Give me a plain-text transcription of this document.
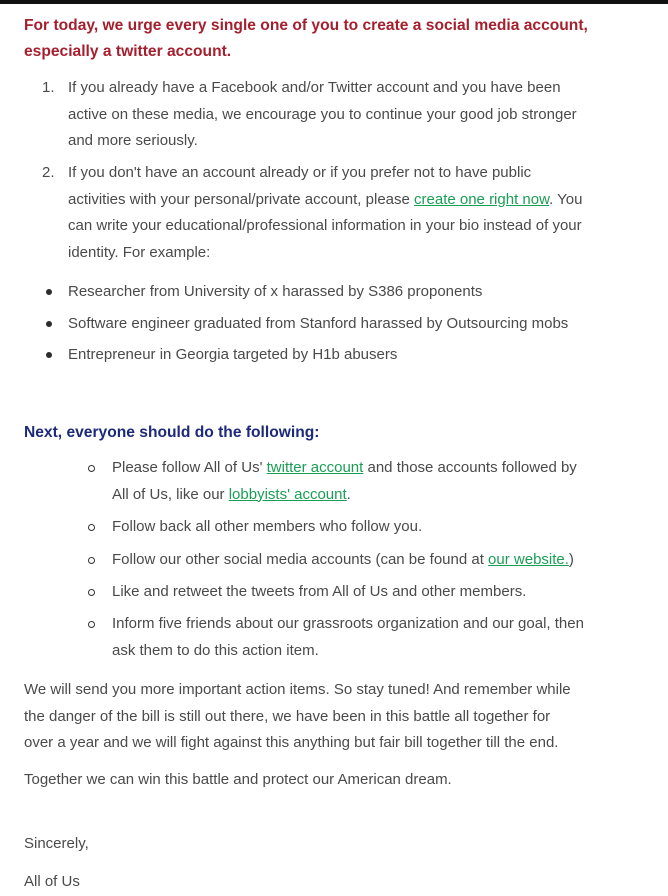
For today, we urge every single one of you to create a social media account,
especially a twitter account.
1. If you already have a Facebook and/or Twitter account and you have been
active on these media, we encourage you to continue your good job stronger
and more seriously.
2. If you don't have an account already or if you prefer not to have public
activities with your personal/private account, please create one right now. You
can write your educational/professional information in your bio instead of your
identity. For example:
Researcher from University of x harassed by S386 proponents
Software engineer graduated from Stanford harassed by Outsourcing mobs
Entrepreneur in Georgia targeted by H1b abusers
Next, everyone should do the following:
Please follow All of Us' twitter account and those accounts followed by
All of Us, like our lobbyists' account.
Follow back all other members who follow you.
Follow our other social media accounts (can be found at our website.)
Like and retweet the tweets from All of Us and other members.
Inform five friends about our grassroots organization and our goal, then
ask them to do this action item.
We will send you more important action items. So stay tuned! And remember while
the danger of the bill is still out there, we have been in this battle all together for
over a year and we will fight against this anything but fair bill together till the end.
Together we can win this battle and protect our American dream.
Sincerely,
All of Us
